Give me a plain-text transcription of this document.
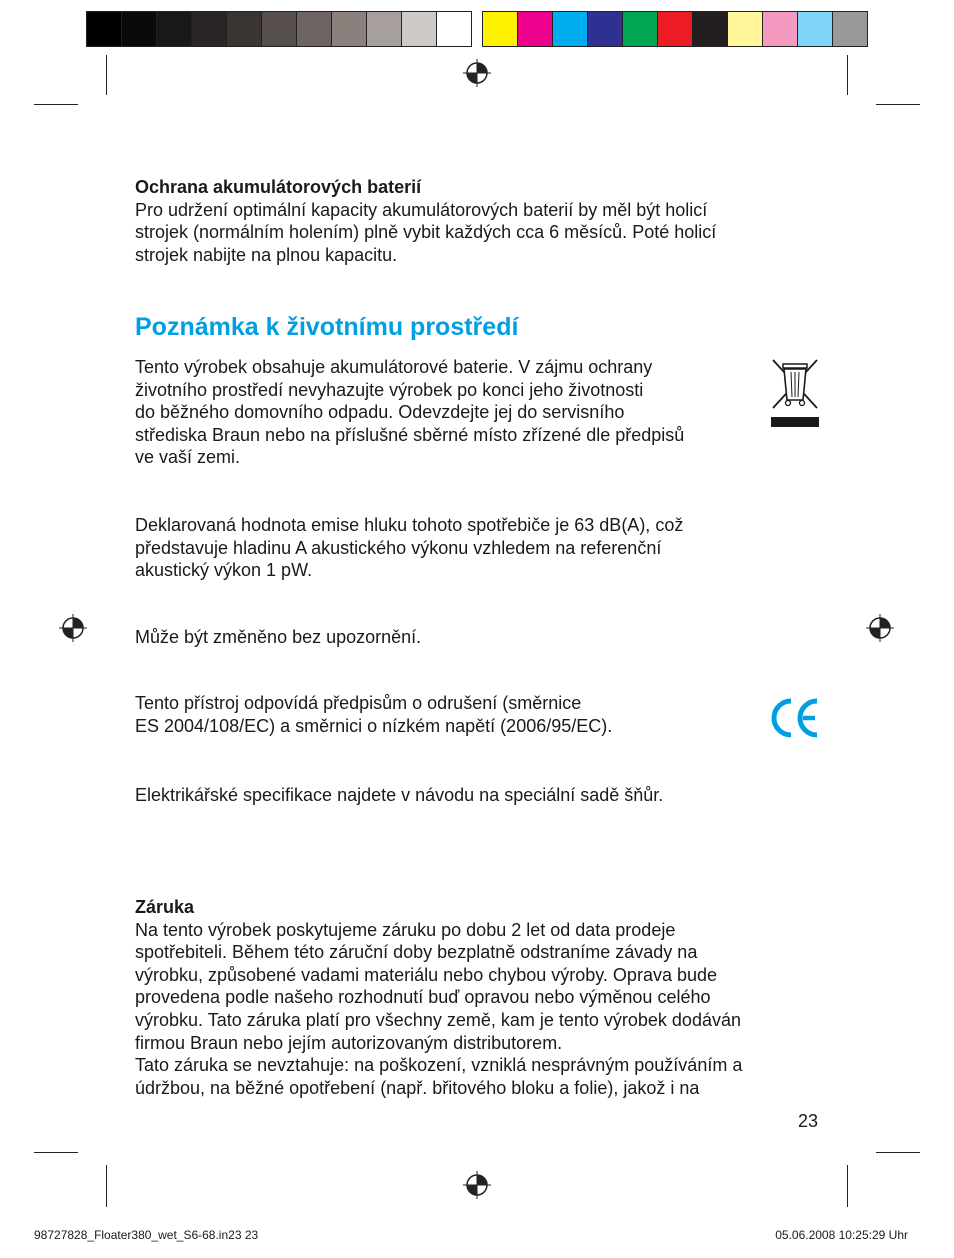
Ochrana akumulátorových baterií
Pro udržení optimální kapacity akumulátorových baterií by měl být holicí
strojek (normálním holením) plně vybit každých cca 6 měsíců. Poté holicí
strojek nabijte na plnou kapacitu.
Poznámka k životnímu prostředí
Tento výrobek obsahuje akumulátorové baterie. V zájmu ochrany
životního prostředí nevyhazujte výrobek po konci jeho životnosti
do běžného domovního odpadu. Odevzdejte jej do servisního
střediska Braun nebo na příslušné sběrné místo zřízené dle předpisů
ve vaší zemi.
Deklarovaná hodnota emise hluku tohoto spotřebiče je 63 dB(A), což
představuje hladinu A akustického výkonu vzhledem na referenční
akustický výkon 1 pW.
Může být změněno bez upozornění.
Tento přístroj odpovídá předpisům o odrušení (směrnice
ES 2004/108/EC) a směrnici o nízkém napětí (2006/95/EC).
Elektrikářské specifikace najdete v návodu na speciální sadě šňůr.
Záruka
Na tento výrobek poskytujeme záruku po dobu 2 let od data prodeje
spotřebiteli. Během této záruční doby bezplatně odstraníme závady na
výrobku, způsobené vadami materiálu nebo chybou výroby. Oprava bude
provedena podle našeho rozhodnutí buď opravou nebo výměnou celého
výrobku. Tato záruka platí pro všechny země, kam je tento výrobek dodáván
firmou Braun nebo jejím autorizovaným distributorem.
Tato záruka se nevztahuje: na poškození, vzniklá nesprávným používáním a
údržbou, na běžné opotřebení (např. břitového bloku a folie), jakož i na
23
98727828_Floater380_wet_S6-68.in23 23	05.06.2008 10:25:29 Uhr
